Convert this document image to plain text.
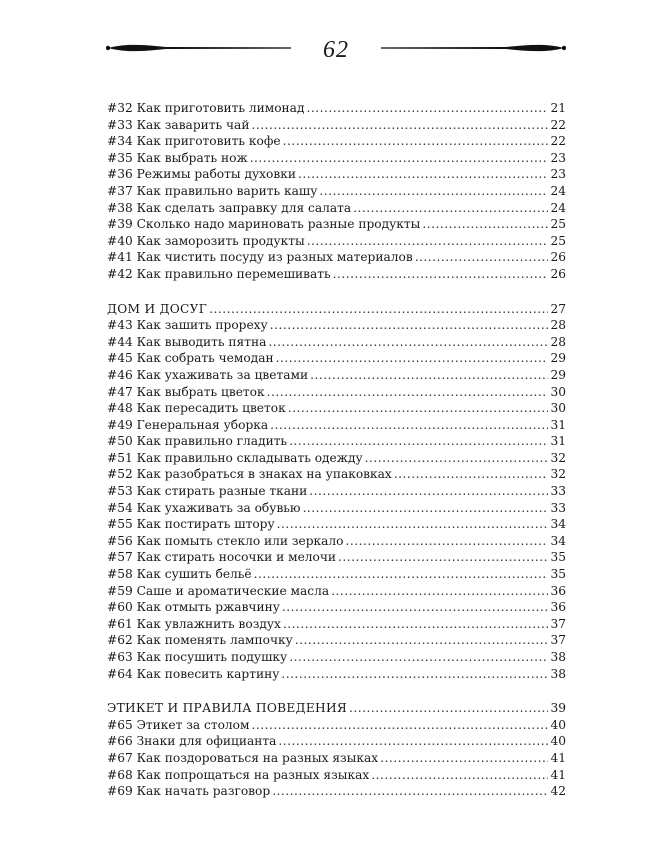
62
#32 Как приготовить лимонад .....	21
#33 Как заварить чай .....	22
#34 Как приготовить кофе .....	22
#35 Как выбрать нож .....	23
#36 Режимы работы духовки .....	23
#37 Как правильно варить кашу .....	24
#38 Как сделать заправку для салата .....	24
#39 Сколько надо мариновать разные продукты .....	25
#40 Как заморозить продукты .....	25
#41 Как чистить посуду из разных материалов .....	26
#42 Как правильно перемешивать .....	26
ДОМ И ДОСУГ .....	27
#43 Как зашить прореху .....	28
#44 Как выводить пятна .....	28
#45 Как собрать чемодан .....	29
#46 Как ухаживать за цветами .....	29
#47 Как выбрать цветок .....	30
#48 Как пересадить цветок .....	30
#49 Генеральная уборка .....	31
#50 Как правильно гладить .....	31
#51 Как правильно складывать одежду .....	32
#52 Как разобраться в знаках на упаковках .....	32
#53 Как стирать разные ткани .....	33
#54 Как ухаживать за обувью .....	33
#55 Как постирать штору .....	34
#56 Как помыть стекло или зеркало .....	34
#57 Как стирать носочки и мелочи .....	35
#58 Как сушить бельё .....	35
#59 Саше и ароматические масла .....	36
#60 Как отмыть ржавчину .....	36
#61 Как увлажнить воздух .....	37
#62 Как поменять лампочку .....	37
#63 Как посушить подушку .....	38
#64 Как повесить картину .....	38
ЭТИКЕТ И ПРАВИЛА ПОВЕДЕНИЯ .....	39
#65 Этикет за столом .....	40
#66 Знаки для официанта .....	40
#67 Как поздороваться на разных языках .....	41
#68 Как попрощаться на разных языках .....	41
#69 Как начать разговор .....	42
